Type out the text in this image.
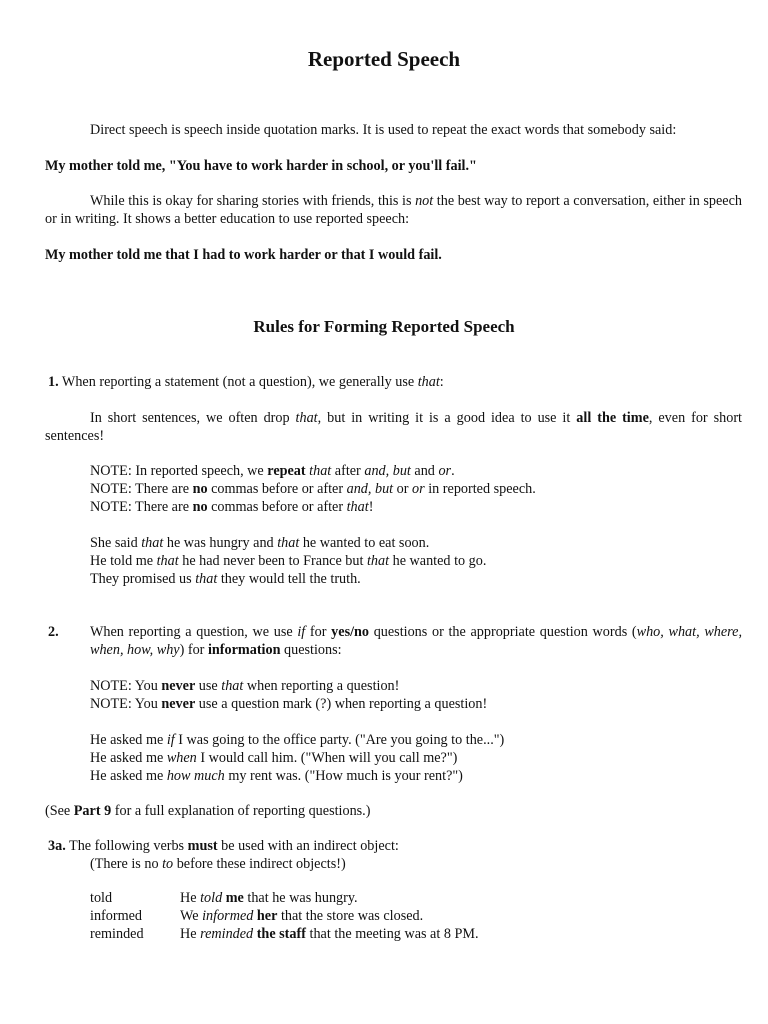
Reported Speech
Direct speech is speech inside quotation marks. It is used to repeat the exact words that somebody said:
My mother told me, "You have to work harder in school, or you'll fail."
While this is okay for sharing stories with friends, this is not the best way to report a conversation, either in speech or in writing. It shows a better education to use reported speech:
My mother told me that I had to work harder or that I would fail.
Rules for Forming Reported Speech
1. When reporting a statement (not a question), we generally use that:
In short sentences, we often drop that, but in writing it is a good idea to use it all the time, even for short sentences!
NOTE: In reported speech, we repeat that after and, but and or.
NOTE: There are no commas before or after and, but or or in reported speech.
NOTE: There are no commas before or after that!
She said that he was hungry and that he wanted to eat soon.
He told me that he had never been to France but that he wanted to go.
They promised us that they would tell the truth.
2. When reporting a question, we use if for yes/no questions or the appropriate question words (who, what, where, when, how, why) for information questions:
NOTE: You never use that when reporting a question!
NOTE: You never use a question mark (?) when reporting a question!
He asked me if I was going to the office party. ("Are you going to the...")
He asked me when I would call him. ("When will you call me?")
He asked me how much my rent was. ("How much is your rent?")
(See Part 9 for a full explanation of reporting questions.)
3a. The following verbs must be used with an indirect object:
(There is no to before these indirect objects!)
told	He told me that he was hungry.
informed	We informed her that the store was closed.
reminded	He reminded the staff that the meeting was at 8 PM.
